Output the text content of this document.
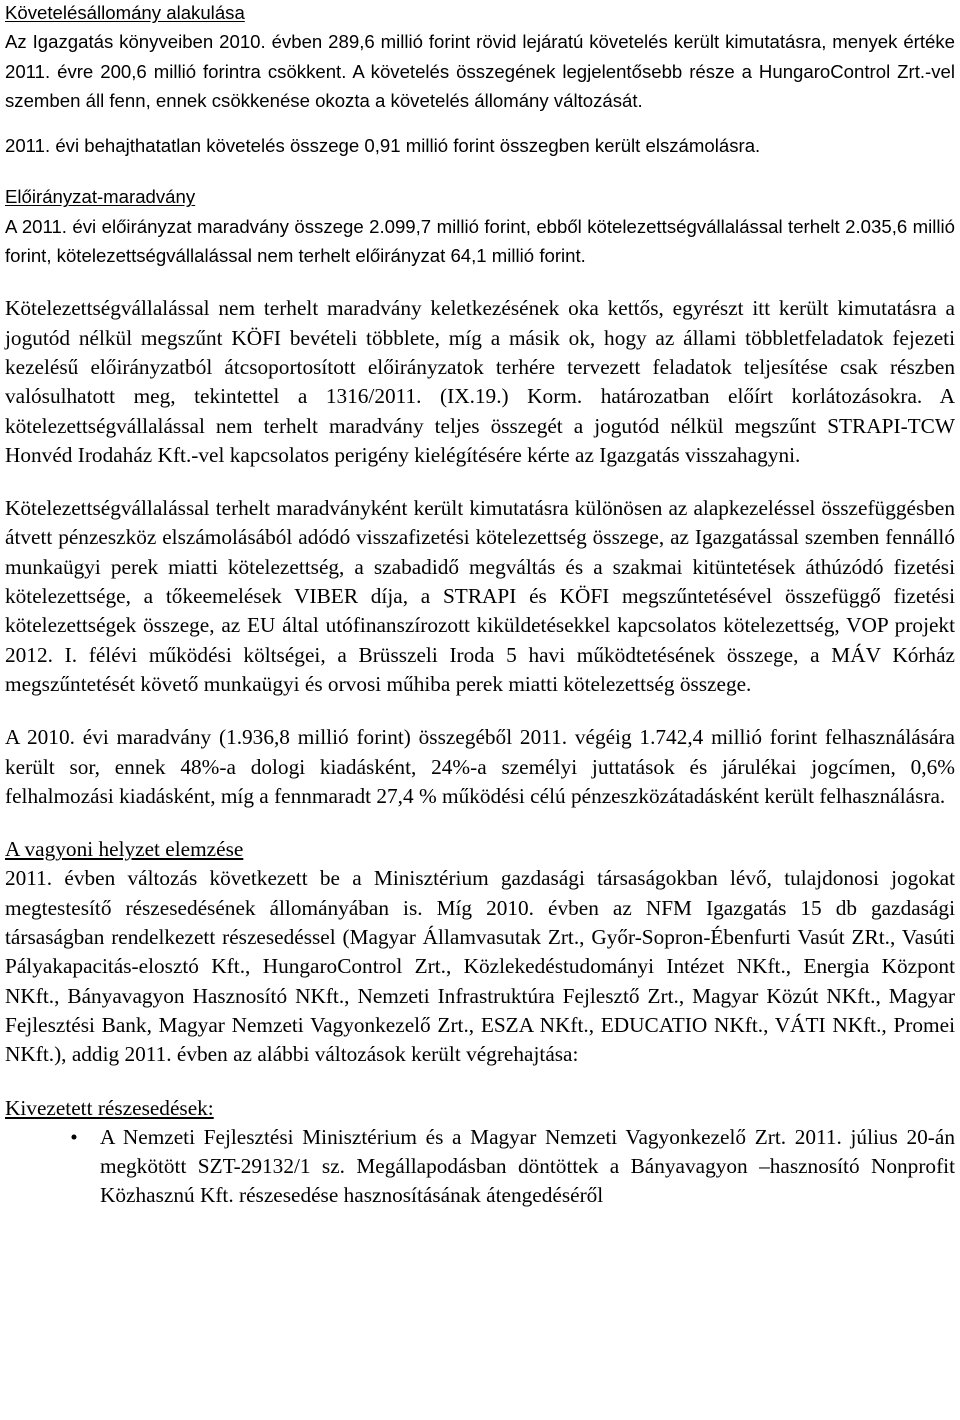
Követelésállomány alakulása

Az Igazgatás könyveiben 2010. évben 289,6 millió forint rövid lejáratú követelés került kimutatásra, menyek értéke 2011. évre 200,6 millió forintra csökkent. A követelés összegének legjelentősebb része a HungaroControl Zrt.-vel szemben áll fenn, ennek csökkenése okozta a követelés állomány változását.

2011. évi behajthatatlan követelés összege 0,91 millió forint összegben került elszámolásra.

Előirányzat-maradvány

A 2011. évi előirányzat maradvány összege 2.099,7 millió forint, ebből kötelezettségvállalással terhelt 2.035,6 millió forint, kötelezettségvállalással nem terhelt előirányzat 64,1 millió forint.

Kötelezettségvállalással nem terhelt maradvány keletkezésének oka kettős, egyrészt itt került kimutatásra a jogutód nélkül megszűnt KÖFI bevételi többlete, míg a másik ok, hogy az állami többletfeladatok fejezeti kezelésű előirányzatból átcsoportosított előirányzatok terhére tervezett feladatok teljesítése csak részben valósulhatott meg, tekintettel a 1316/2011. (IX.19.) Korm. határozatban előírt korlátozásokra. A kötelezettségvállalással nem terhelt maradvány teljes összegét a jogutód nélkül megszűnt STRAPI-TCW Honvéd Irodaház Kft.-vel kapcsolatos perigény kielégítésére kérte az Igazgatás visszahagyni.

Kötelezettségvállalással terhelt maradványként került kimutatásra különösen az alapkezeléssel összefüggésben átvett pénzeszköz elszámolásából adódó visszafizetési kötelezettség összege, az Igazgatással szemben fennálló munkaügyi perek miatti kötelezettség, a szabadidő megváltás és a szakmai kitüntetések áthúzódó fizetési kötelezettsége, a tőkeemelések VIBER díja, a STRAPI és KÖFI megszűntetésével összefüggő fizetési kötelezettségek összege, az EU által utófinanszírozott kiküldetésekkel kapcsolatos kötelezettség, VOP projekt 2012. I. félévi működési költségei, a Brüsszeli Iroda 5 havi működtetésének összege, a MÁV Kórház megszűntetését követő munkaügyi és orvosi műhiba perek miatti kötelezettség összege.

A 2010. évi maradvány (1.936,8 millió forint) összegéből 2011. végéig 1.742,4 millió forint felhasználására került sor, ennek 48%-a dologi kiadásként, 24%-a személyi juttatások és járulékai jogcímen, 0,6% felhalmozási kiadásként, míg a fennmaradt 27,4 % működési célú pénzeszközátadásként került felhasználásra.

A vagyoni helyzet elemzése

2011. évben változás következett be a Minisztérium gazdasági társaságokban lévő, tulajdonosi jogokat megtestesítő részesedésének állományában is. Míg 2010. évben az NFM Igazgatás 15 db gazdasági társaságban rendelkezett részesedéssel (Magyar Államvasutak Zrt., Győr-Sopron-Ébenfurti Vasút ZRt., Vasúti Pályakapacitás-elosztó Kft., HungaroControl Zrt., Közlekedéstudományi Intézet NKft., Energia Központ NKft., Bányavagyon Hasznosító NKft., Nemzeti Infrastruktúra Fejlesztő Zrt., Magyar Közút NKft., Magyar Fejlesztési Bank, Magyar Nemzeti Vagyonkezelő Zrt., ESZA NKft., EDUCATIO NKft., VÁTI NKft., Promei NKft.), addig 2011. évben az alábbi változások került végrehajtása:

Kivezetett részesedések:
• A Nemzeti Fejlesztési Minisztérium és a Magyar Nemzeti Vagyonkezelő Zrt. 2011. július 20-án megkötött SZT-29132/1 sz. Megállapodásban döntöttek a Bányavagyon –hasznosító Nonprofit Közhasznú Kft. részesedése hasznosításának átengedéséről
